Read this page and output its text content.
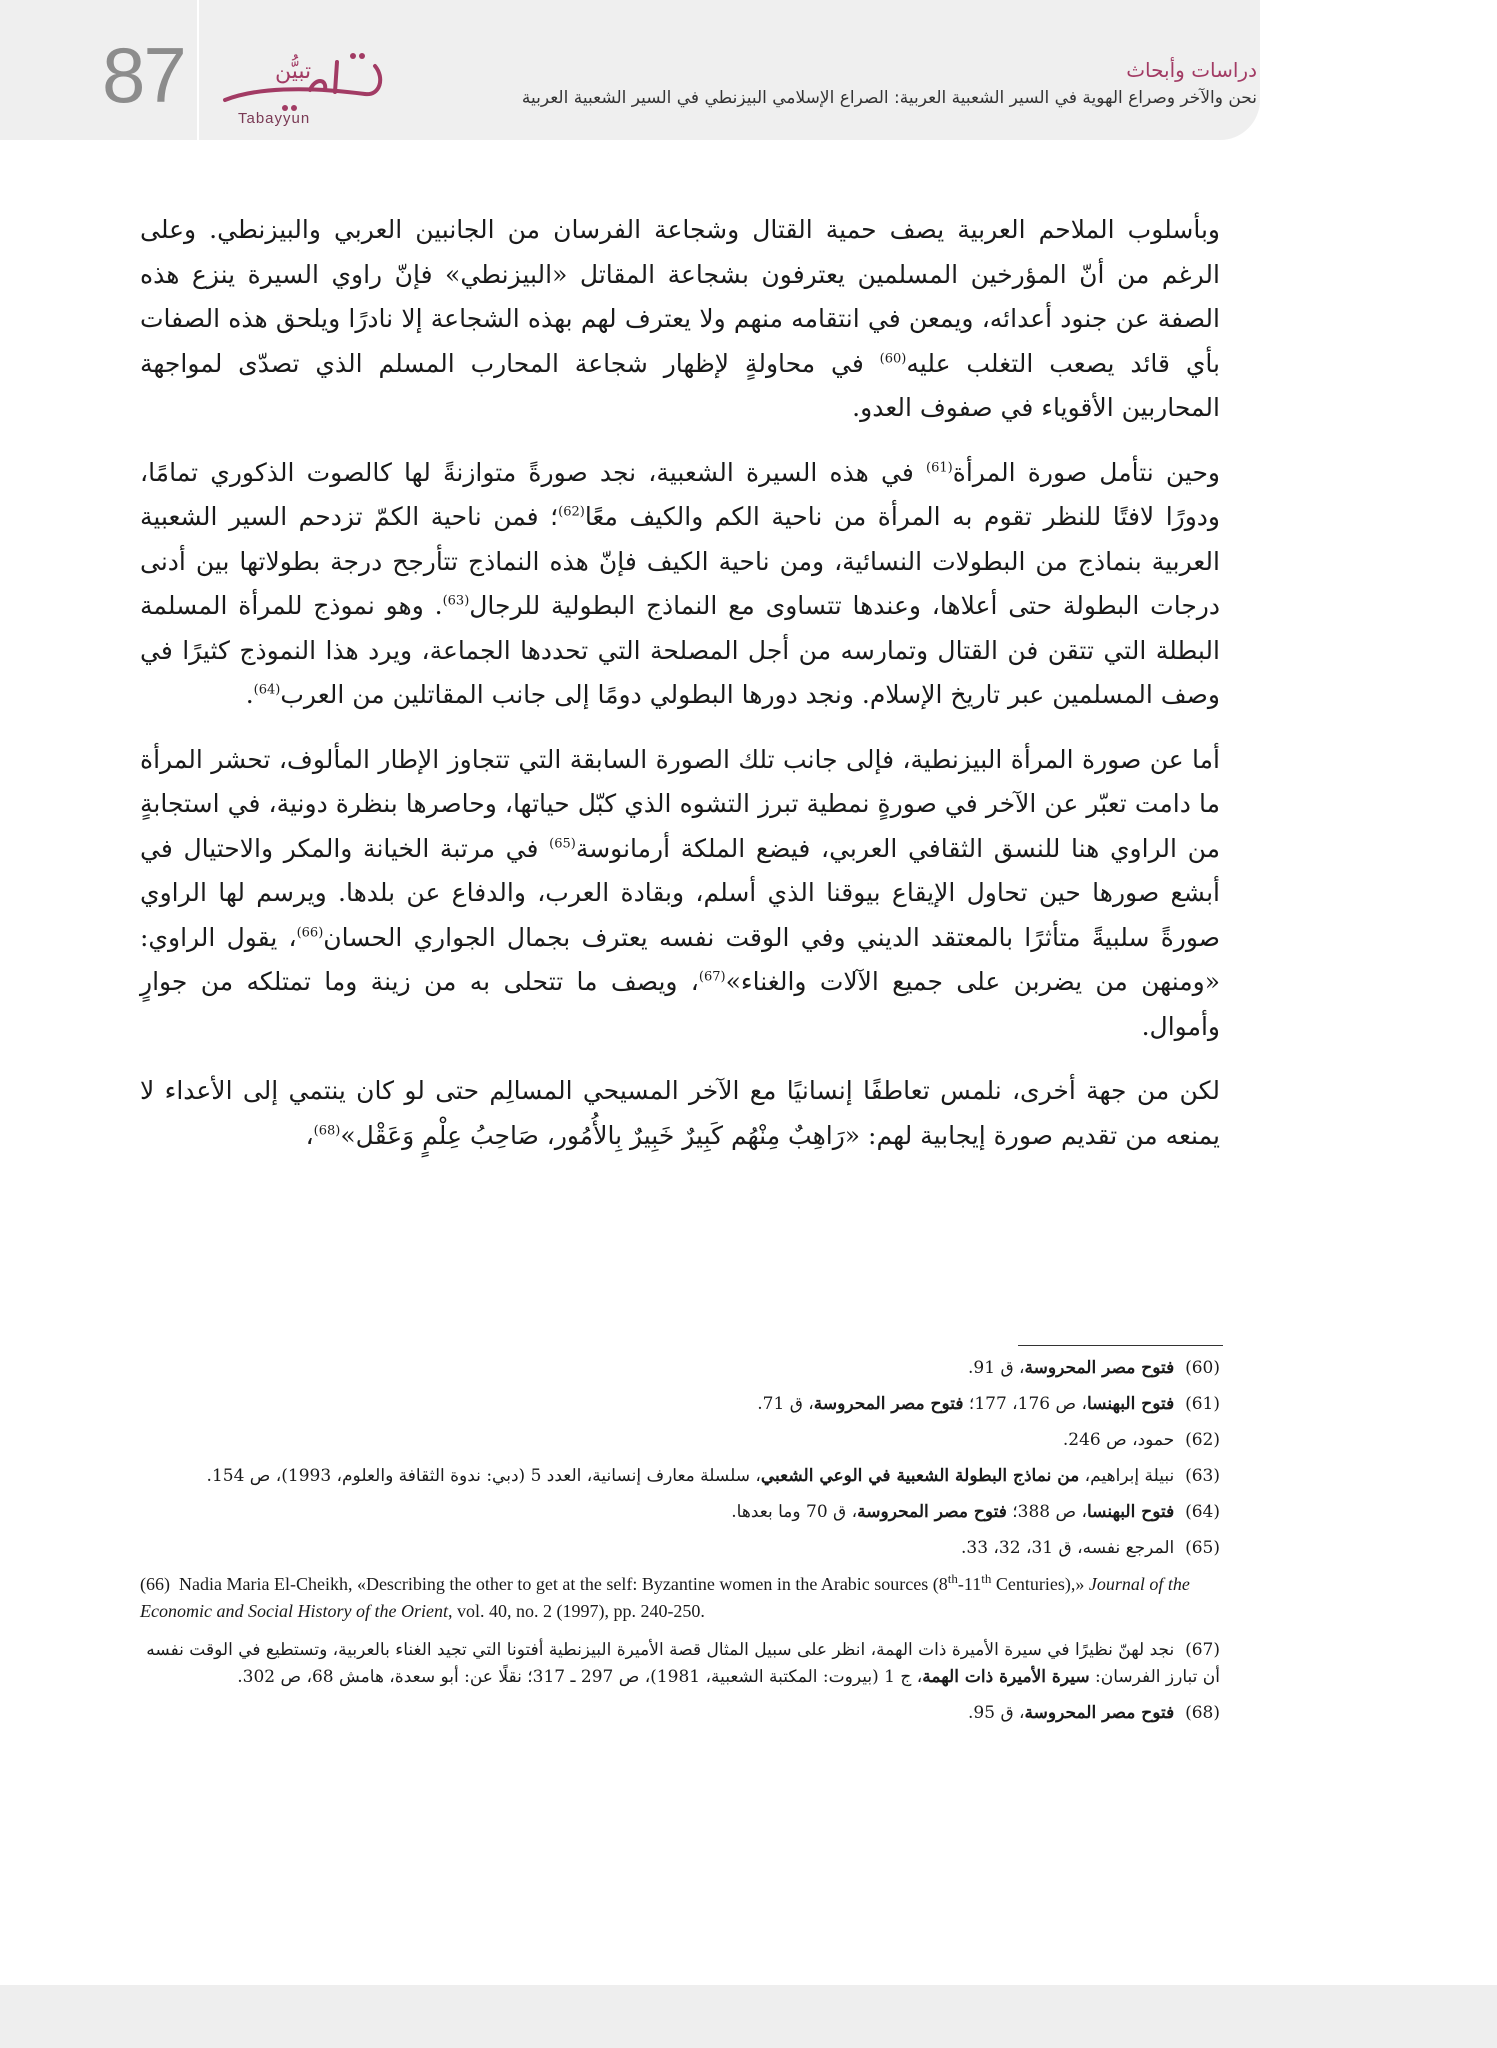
87	تبيُّن
Tabayyun
دراسات وأبحاث
نحن والآخر وصراع الهوية في السير الشعبية العربية: الصراع الإسلامي البيزنطي في السير الشعبية العربية

وبأسلوب الملاحم العربية يصف حمية القتال وشجاعة الفرسان من الجانبين العربي والبيزنطي. وعلى الرغم من أنّ المؤرخين المسلمين يعترفون بشجاعة المقاتل «البيزنطي» فإنّ راوي السيرة ينزع هذه الصفة عن جنود أعدائه، ويمعن في انتقامه منهم ولا يعترف لهم بهذه الشجاعة إلا نادرًا ويلحق هذه الصفات بأي قائد يصعب التغلب عليه$^{(60)}$ في محاولةٍ لإظهار شجاعة المحارب المسلم الذي تصدّى لمواجهة المحاربين الأقوياء في صفوف العدو.

وحين نتأمل صورة المرأة$^{(61)}$ في هذه السيرة الشعبية، نجد صورةً متوازنةً لها كالصوت الذكوري تمامًا، ودورًا لافتًا للنظر تقوم به المرأة من ناحية الكم والكيف معًا$^{(62)}$؛ فمن ناحية الكمّ تزدحم السير الشعبية العربية بنماذج من البطولات النسائية، ومن ناحية الكيف فإنّ هذه النماذج تتأرجح درجة بطولاتها بين أدنى درجات البطولة حتى أعلاها، وعندها تتساوى مع النماذج البطولية للرجال$^{(63)}$. وهو نموذج للمرأة المسلمة البطلة التي تتقن فن القتال وتمارسه من أجل المصلحة التي تحددها الجماعة، ويرد هذا النموذج كثيرًا في وصف المسلمين عبر تاريخ الإسلام. ونجد دورها البطولي دومًا إلى جانب المقاتلين من العرب$^{(64)}$.

أما عن صورة المرأة البيزنطية، فإلى جانب تلك الصورة السابقة التي تتجاوز الإطار المألوف، تحشر المرأة ما دامت تعبّر عن الآخر في صورةٍ نمطية تبرز التشوه الذي كبّل حياتها، وحاصرها بنظرة دونية، في استجابةٍ من الراوي هنا للنسق الثقافي العربي، فيضع الملكة أرمانوسة$^{(65)}$ في مرتبة الخيانة والمكر والاحتيال في أبشع صورها حين تحاول الإيقاع بيوقنا الذي أسلم، وبقادة العرب، والدفاع عن بلدها. ويرسم لها الراوي صورةً سلبيةً متأثرًا بالمعتقد الديني وفي الوقت نفسه يعترف بجمال الجواري الحسان$^{(66)}$، يقول الراوي: «ومنهن من يضربن على جميع الآلات والغناء»$^{(67)}$، ويصف ما تتحلى به من زينة وما تمتلكه من جوارٍ وأموال.

لكن من جهة أخرى، نلمس تعاطفًا إنسانيًا مع الآخر المسيحي المسالِم حتى لو كان ينتمي إلى الأعداء لا يمنعه من تقديم صورة إيجابية لهم: «رَاهِبٌ مِنْهُم كَبِيرٌ خَبِيرٌ بِالأُمُور، صَاحِبُ عِلْمٍ وَعَقْل»$^{(68)}$،

(60)  فتوح مصر المحروسة، ق 91.

(61)  فتوح البهنسا، ص 176، 177؛ فتوح مصر المحروسة، ق 71.

(62)  حمود، ص 246.

(63)  نبيلة إبراهيم، من نماذج البطولة الشعبية في الوعي الشعبي، سلسلة معارف إنسانية، العدد 5 (دبي: ندوة الثقافة والعلوم، 1993)، ص 154.

(64)  فتوح البهنسا، ص 388؛ فتوح مصر المحروسة، ق 70 وما بعدها.

(65)  المرجع نفسه، ق 31، 32، 33.

(66) Nadia Maria El-Cheikh, «Describing the other to get at the self: Byzantine women in the Arabic sources (8th-11th Centuries),» Journal of the Economic and Social History of the Orient, vol. 40, no. 2 (1997), pp. 240-250.

(67)  نجد لهنّ نظيرًا في سيرة الأميرة ذات الهمة، انظر على سبيل المثال قصة الأميرة البيزنطية أفتونا التي تجيد الغناء بالعربية، وتستطيع في الوقت نفسه أن تبارز الفرسان: سيرة الأميرة ذات الهمة، ج 1 (بيروت: المكتبة الشعبية، 1981)، ص 297 ـ 317؛ نقلًا عن: أبو سعدة، هامش 68، ص 302.

(68)  فتوح مصر المحروسة، ق 95.
